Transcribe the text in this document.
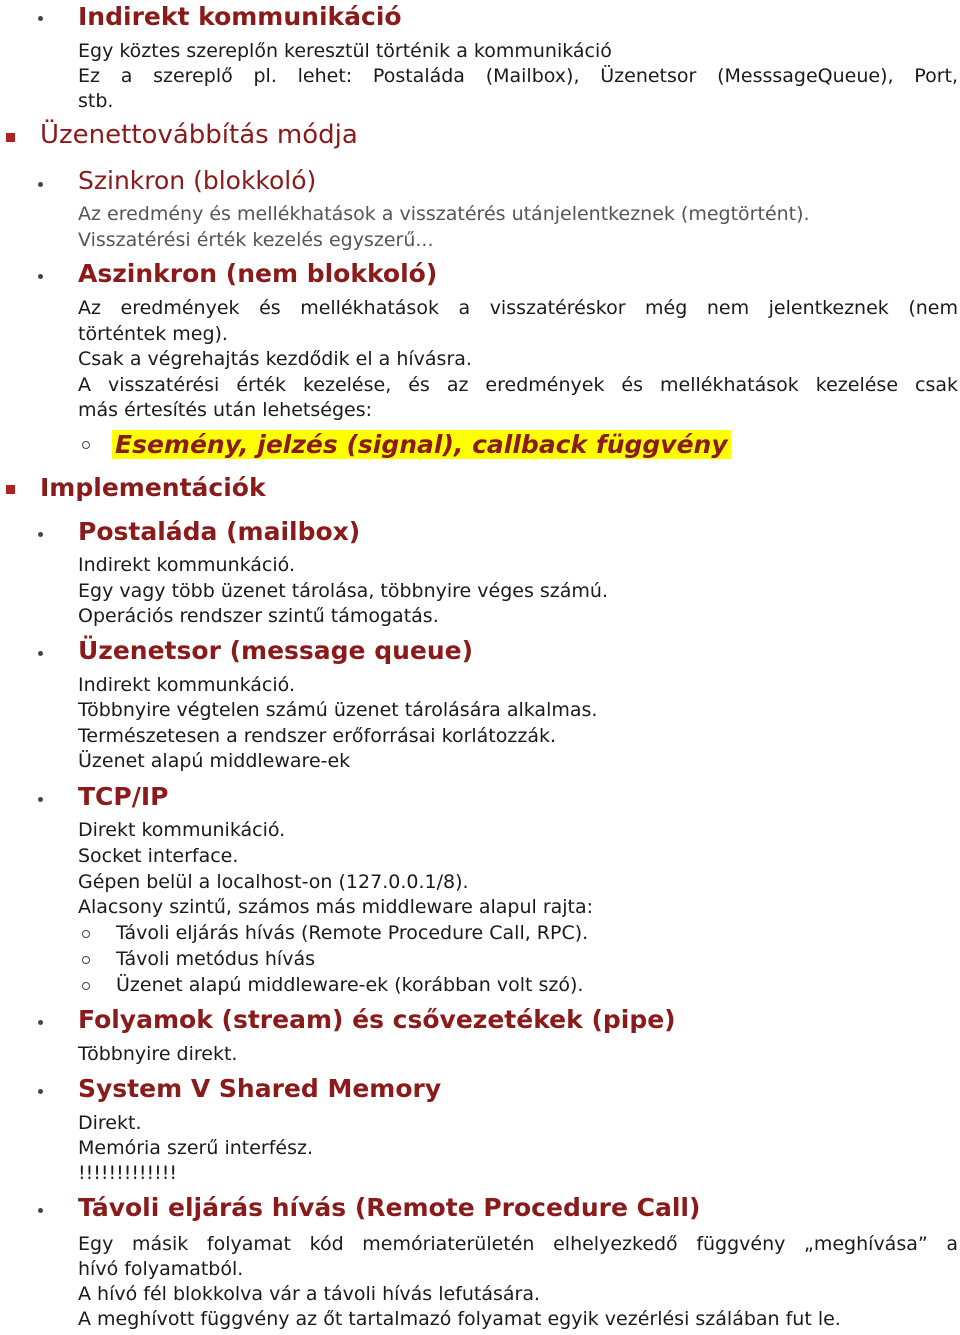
Indirekt kommunikáció
Egy köztes szereplőn keresztül történik a kommunikáció
Ez a szereplő pl. lehet: Postaláda (Mailbox), Üzenetsor (MesssageQueue), Port,
stb.
Üzenettovábbítás módja
Szinkron (blokkoló)
Az eredmény és mellékhatások a visszatérés utánjelentkeznek (megtörtént).
Visszatérési érték kezelés egyszerű...
Aszinkron (nem blokkoló)
Az eredmények és mellékhatások a visszatéréskor még nem jelentkeznek (nem
történtek meg).
Csak a végrehajtás kezdődik el a hívásra.
A visszatérési érték kezelése, és az eredmények és mellékhatások kezelése csak
más értesítés után lehetséges:
Esemény, jelzés (signal), callback függvény
Implementációk
Postaláda (mailbox)
Indirekt kommunkáció.
Egy vagy több üzenet tárolása, többnyire véges számú.
Operációs rendszer szintű támogatás.
Üzenetsor (message queue)
Indirekt kommunkáció.
Többnyire végtelen számú üzenet tárolására alkalmas.
Természetesen a rendszer erőforrásai korlátozzák.
Üzenet alapú middleware-ek
TCP/IP
Direkt kommunikáció.
Socket interface.
Gépen belül a localhost-on (127.0.0.1/8).
Alacsony szintű, számos más middleware alapul rajta:
Távoli eljárás hívás (Remote Procedure Call, RPC).
Távoli metódus hívás
Üzenet alapú middleware-ek (korábban volt szó).
Folyamok (stream) és csővezetékek (pipe)
Többnyire direkt.
System V Shared Memory
Direkt.
Memória szerű interfész.
!!!!!!!!!!!!!
Távoli eljárás hívás (Remote Procedure Call)
Egy másik folyamat kód memóriaterületén elhelyezkedő függvény „meghívása” a
hívó folyamatból.
A hívó fél blokkolva vár a távoli hívás lefutására.
A meghívott függvény az őt tartalmazó folyamat egyik vezérlési szálában fut le.
